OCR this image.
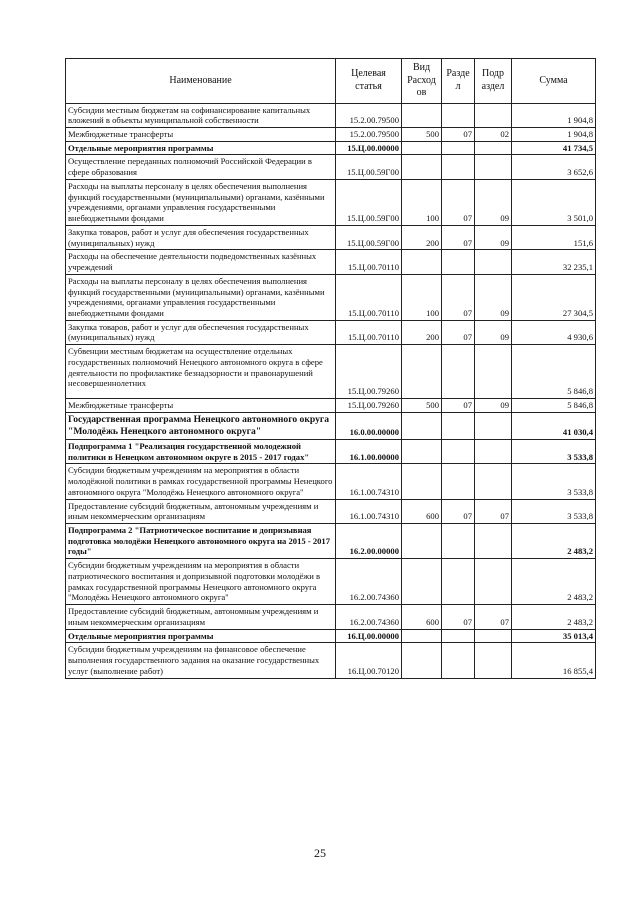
Наименование	Целевая статья	Вид Расход ов	Разде л	Подр аздел	Сумма
Субсидии местным бюджетам на софинансирование капитальных вложений в объекты муниципальной собственности	15.2.00.79500				1 904,8
Межбюджетные трансферты	15.2.00.79500	500	07	02	1 904,8
Отдельные мероприятия программы	15.Ц.00.00000				41 734,5
Осуществление переданных полномочий Российской Федерации в сфере образования	15.Ц.00.59Г00				3 652,6
Расходы на выплаты персоналу в целях обеспечения выполнения функций государственными (муниципальными) органами, казёнными учреждениями, органами управления государственными внебюджетными фондами	15.Ц.00.59Г00	100	07	09	3 501,0
Закупка товаров, работ и услуг для обеспечения государственных (муниципальных) нужд	15.Ц.00.59Г00	200	07	09	151,6
Расходы на обеспечение деятельности подведомственных казённых учреждений	15.Ц.00.70110				32 235,1
Расходы на выплаты персоналу в целях обеспечения выполнения функций государственными (муниципальными) органами, казёнными учреждениями, органами управления государственными внебюджетными фондами	15.Ц.00.70110	100	07	09	27 304,5
Закупка товаров, работ и услуг для обеспечения государственных (муниципальных) нужд	15.Ц.00.70110	200	07	09	4 930,6
Субвенции местным бюджетам на осуществление отдельных государственных полномочий Ненецкого автономного округа в сфере деятельности по профилактике безнадзорности и правонарушений несовершеннолетних	15.Ц.00.79260				5 846,8
Межбюджетные трансферты	15.Ц.00.79260	500	07	09	5 846,8
Государственная программа Ненецкого автономного округа "Молодёжь Ненецкого автономного округа"	16.0.00.00000				41 030,4
Подпрограмма 1 "Реализация государственной молодежной политики в Ненецком автономном округе в 2015 - 2017 годах"	16.1.00.00000				3 533,8
Субсидии бюджетным учреждениям на мероприятия в области молодёжной политики в рамках государственной программы Ненецкого автономного округа "Молодёжь Ненецкого автономного округа"	16.1.00.74310				3 533,8
Предоставление субсидий бюджетным, автономным учреждениям и иным некоммерческим организациям	16.1.00.74310	600	07	07	3 533,8
Подпрограмма 2 "Патриотическое воспитание и допризывная подготовка молодёжи Ненецкого автономного округа на 2015 - 2017 годы"	16.2.00.00000				2 483,2
Субсидии бюджетным учреждениям на мероприятия в области патриотического воспитания и допризывной подготовки молодёжи в рамках государственной программы Ненецкого автономного округа "Молодёжь Ненецкого автономного округа"	16.2.00.74360				2 483,2
Предоставление субсидий бюджетным, автономным учреждениям и иным некоммерческим организациям	16.2.00.74360	600	07	07	2 483,2
Отдельные мероприятия программы	16.Ц.00.00000				35 013,4
Субсидии бюджетным учреждениям на финансовое обеспечение выполнения государственного задания на оказание государственных услуг (выполнение работ)	16.Ц.00.70120				16 855,4
25
